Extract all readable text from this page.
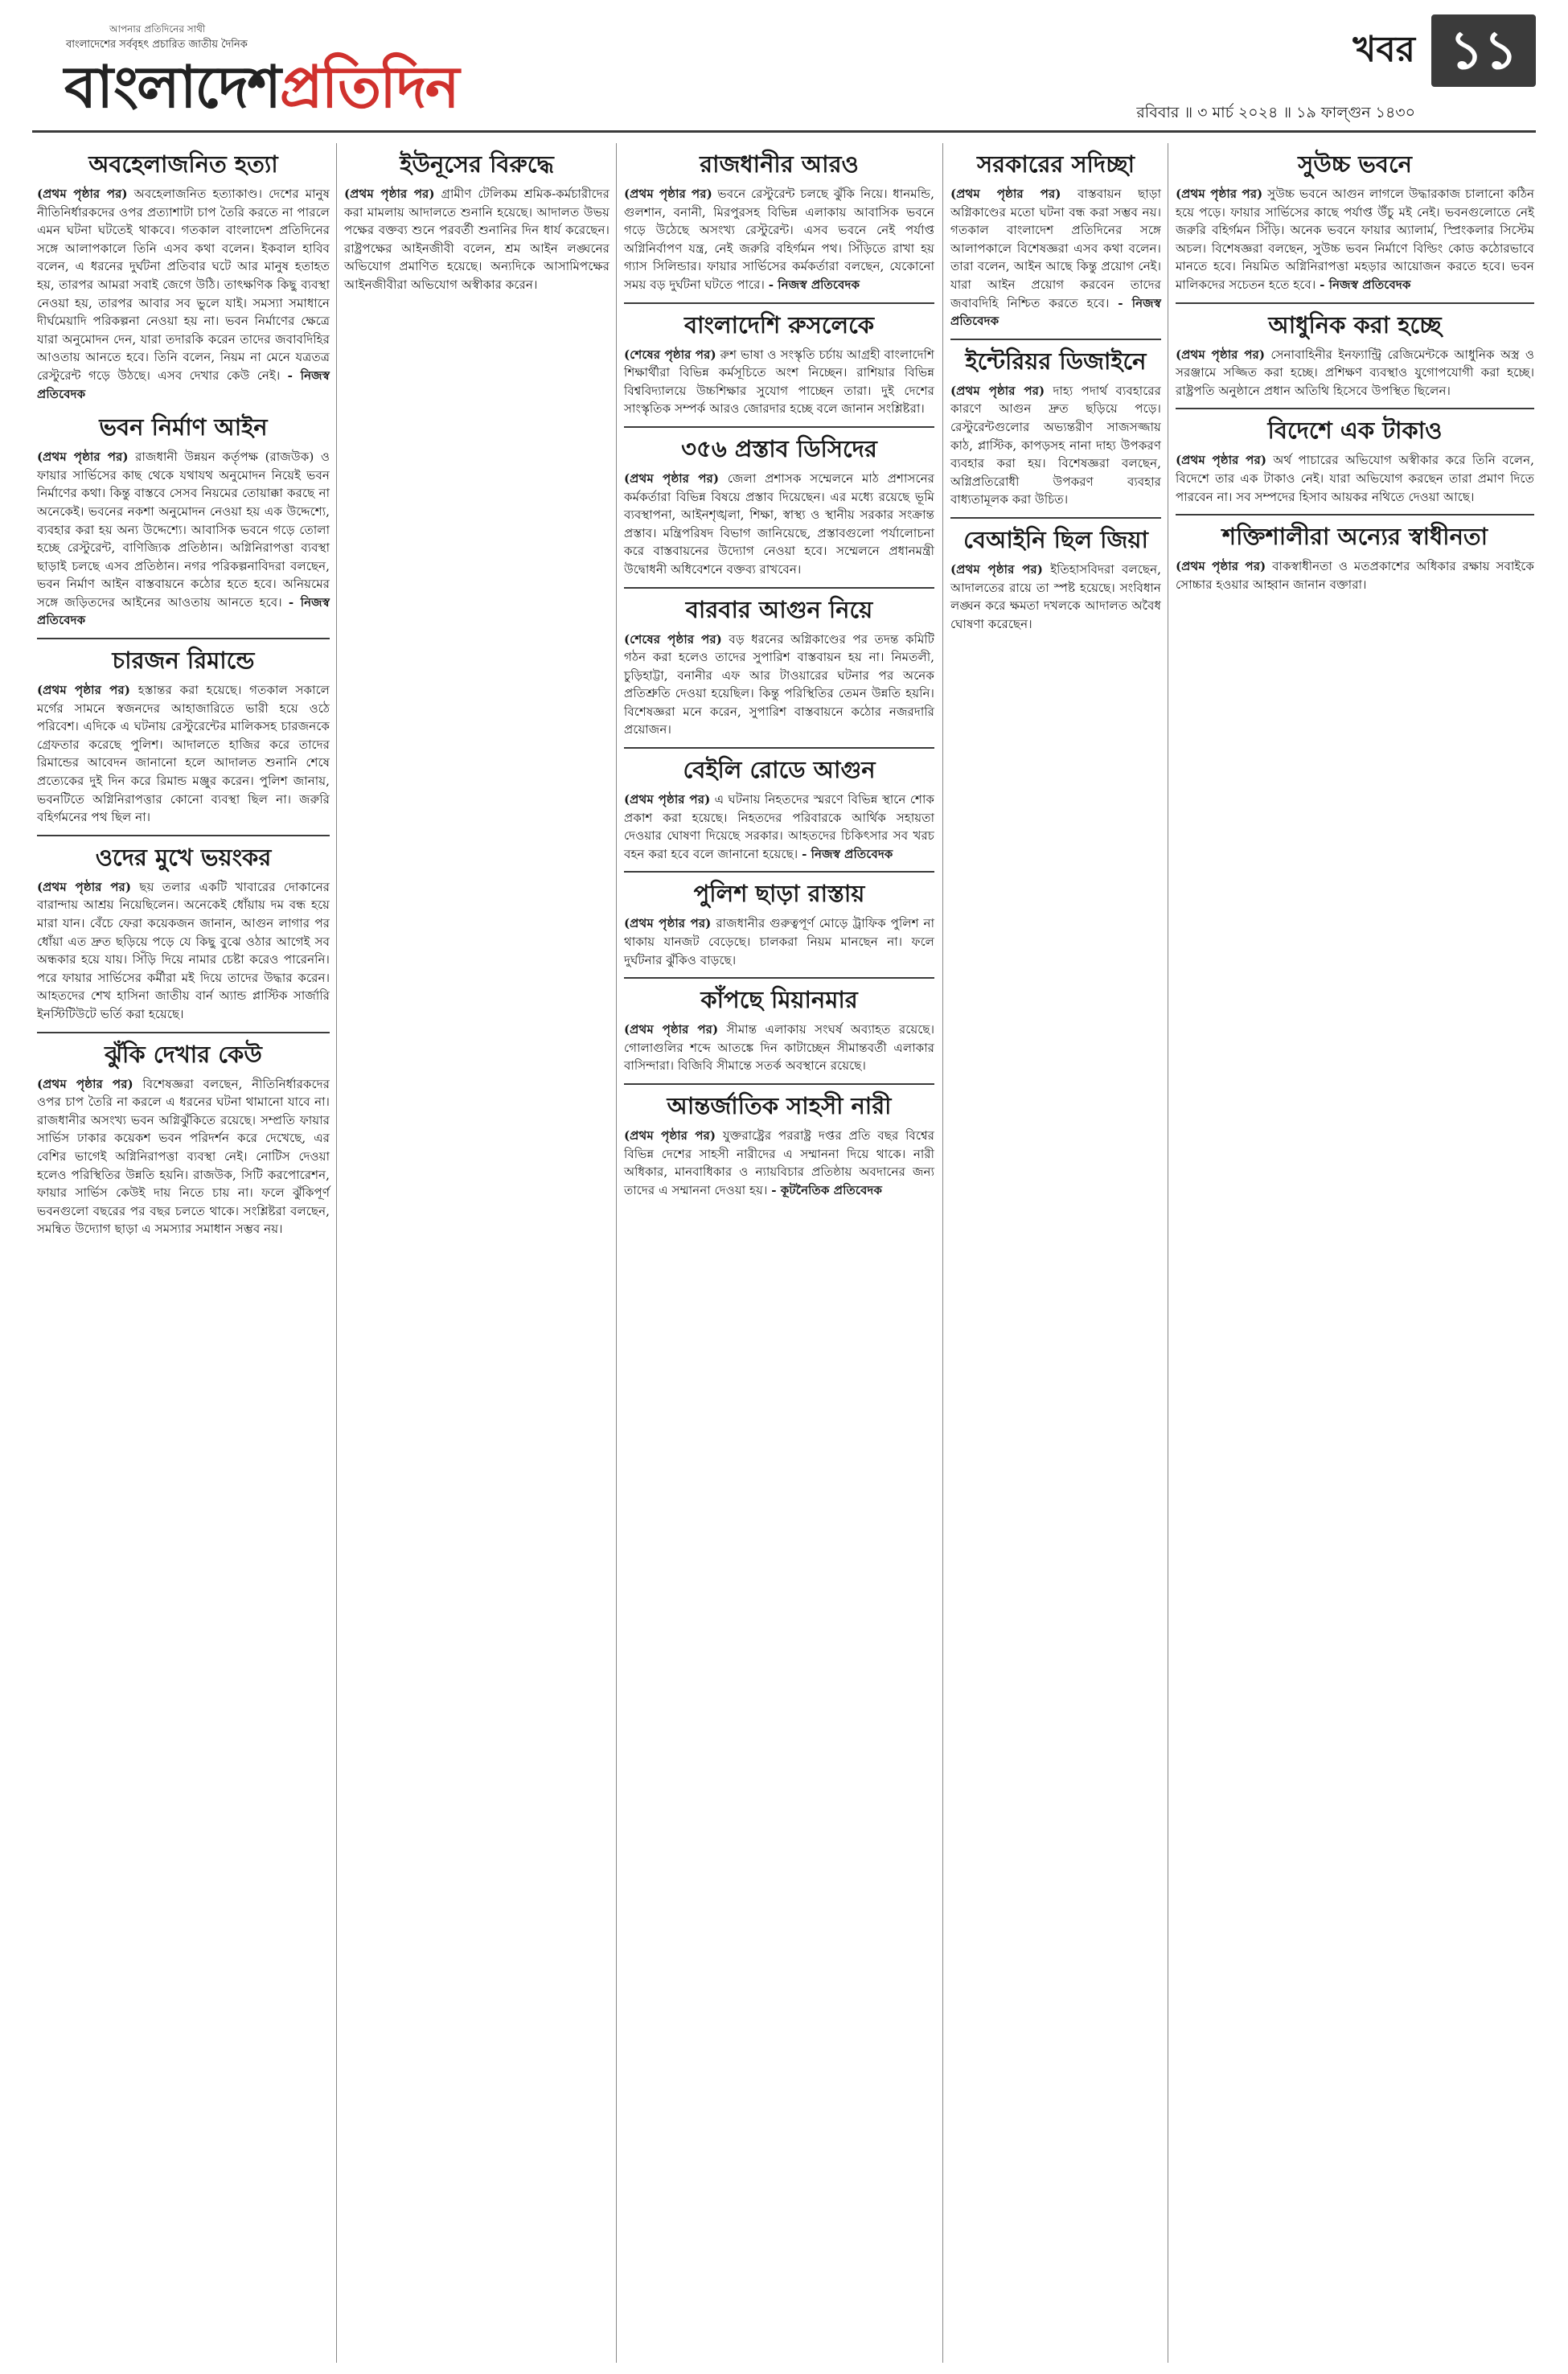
আপনার প্রতিদিনের সাথী
বাংলাদেশের সর্ববৃহৎ প্রচারিত জাতীয় দৈনিক
বাংলাদেশপ্রতিদিন
খবর ১১
রবিবার ॥ ৩ মার্চ ২০২৪ ॥ ১৯ ফাল্গুন ১৪৩০
অবহেলাজনিত হত্যা

(প্রথম পৃষ্ঠার পর) অবহেলাজনিত হত্যাকাণ্ড। দেশের মানুষ নীতিনির্ধারকদের ওপর প্রত্যাশাটা চাপ তৈরি করতে না পারলে এমন ঘটনা ঘটতেই থাকবে। গতকাল বাংলাদেশ প্রতিদিনের সঙ্গে আলাপকালে তিনি এসব কথা বলেন। ইকবাল হাবিব বলেন, এ ধরনের দুর্ঘটনা প্রতিবার ঘটে আর মানুষ হতাহত হয়, তারপর আমরা সবাই জেগে উঠি। তাৎক্ষণিক কিছু ব্যবস্থা নেওয়া হয়, তারপর আবার সব ভুলে যাই। সমস্যা সমাধানে দীর্ঘমেয়াদি পরিকল্পনা নেওয়া হয় না। ভবন নির্মাণের ক্ষেত্রে যারা অনুমোদন দেন, যারা তদারকি করেন তাদের জবাবদিহির আওতায় আনতে হবে। তিনি বলেন, নিয়ম না মেনে যত্রতত্র রেস্টুরেন্ট গড়ে উঠছে। এসব দেখার কেউ নেই। - নিজস্ব প্রতিবেদক

ভবন নির্মাণ আইন

(প্রথম পৃষ্ঠার পর) রাজধানী উন্নয়ন কর্তৃপক্ষ (রাজউক) ও ফায়ার সার্ভিসের কাছ থেকে যথাযথ অনুমোদন নিয়েই ভবন নির্মাণের কথা। কিন্তু বাস্তবে সেসব নিয়মের তোয়াক্কা করছে না অনেকেই। ভবনের নকশা অনুমোদন নেওয়া হয় এক উদ্দেশ্যে, ব্যবহার করা হয় অন্য উদ্দেশ্যে। আবাসিক ভবনে গড়ে তোলা হচ্ছে রেস্টুরেন্ট, বাণিজ্যিক প্রতিষ্ঠান। অগ্নিনিরাপত্তা ব্যবস্থা ছাড়াই চলছে এসব প্রতিষ্ঠান। নগর পরিকল্পনাবিদরা বলছেন, ভবন নির্মাণ আইন বাস্তবায়নে কঠোর হতে হবে। অনিয়মের সঙ্গে জড়িতদের আইনের আওতায় আনতে হবে। - নিজস্ব প্রতিবেদক

চারজন রিমান্ডে

(প্রথম পৃষ্ঠার পর) হস্তান্তর করা হয়েছে। গতকাল সকালে মর্গের সামনে স্বজনদের আহাজারিতে ভারী হয়ে ওঠে পরিবেশ। এদিকে এ ঘটনায় রেস্টুরেন্টের মালিকসহ চারজনকে গ্রেফতার করেছে পুলিশ। আদালতে হাজির করে তাদের রিমান্ডের আবেদন জানানো হলে আদালত শুনানি শেষে প্রত্যেকের দুই দিন করে রিমান্ড মঞ্জুর করেন। পুলিশ জানায়, ভবনটিতে অগ্নিনিরাপত্তার কোনো ব্যবস্থা ছিল না। জরুরি বহির্গমনের পথ ছিল না।

ওদের মুখে ভয়ংকর

(প্রথম পৃষ্ঠার পর) ছয় তলার একটি খাবারের দোকানের বারান্দায় আশ্রয় নিয়েছিলেন। অনেকেই ধোঁয়ায় দম বন্ধ হয়ে মারা যান। বেঁচে ফেরা কয়েকজন জানান, আগুন লাগার পর ধোঁয়া এত দ্রুত ছড়িয়ে পড়ে যে কিছু বুঝে ওঠার আগেই সব অন্ধকার হয়ে যায়। সিঁড়ি দিয়ে নামার চেষ্টা করেও পারেননি। পরে ফায়ার সার্ভিসের কর্মীরা মই দিয়ে তাদের উদ্ধার করেন। আহতদের শেখ হাসিনা জাতীয় বার্ন অ্যান্ড প্লাস্টিক সার্জারি ইনস্টিটিউটে ভর্তি করা হয়েছে।

ঝুঁকি দেখার কেউ

(প্রথম পৃষ্ঠার পর) বিশেষজ্ঞরা বলছেন, নীতিনির্ধারকদের ওপর চাপ তৈরি না করলে এ ধরনের ঘটনা থামানো যাবে না। রাজধানীর অসংখ্য ভবন অগ্নিঝুঁকিতে রয়েছে। সম্প্রতি ফায়ার সার্ভিস ঢাকার কয়েকশ ভবন পরিদর্শন করে দেখেছে, এর বেশির ভাগেই অগ্নিনিরাপত্তা ব্যবস্থা নেই। নোটিস দেওয়া হলেও পরিস্থিতির উন্নতি হয়নি। রাজউক, সিটি করপোরেশন, ফায়ার সার্ভিস কেউই দায় নিতে চায় না। ফলে ঝুঁকিপূর্ণ ভবনগুলো বছরের পর বছর চলতে থাকে। সংশ্লিষ্টরা বলছেন, সমন্বিত উদ্যোগ ছাড়া এ সমস্যার সমাধান সম্ভব নয়।

ইউনূসের বিরুদ্ধে

(প্রথম পৃষ্ঠার পর) গ্রামীণ টেলিকম শ্রমিক-কর্মচারীদের করা মামলায় আদালতে শুনানি হয়েছে। আদালত উভয় পক্ষের বক্তব্য শুনে পরবর্তী শুনানির দিন ধার্য করেছেন। রাষ্ট্রপক্ষের আইনজীবী বলেন, শ্রম আইন লঙ্ঘনের অভিযোগ প্রমাণিত হয়েছে। অন্যদিকে আসামিপক্ষের আইনজীবীরা অভিযোগ অস্বীকার করেন।

রাজধানীর আরও

(প্রথম পৃষ্ঠার পর) ভবনে রেস্টুরেন্ট চলছে ঝুঁকি নিয়ে। ধানমন্ডি, গুলশান, বনানী, মিরপুরসহ বিভিন্ন এলাকায় আবাসিক ভবনে গড়ে উঠেছে অসংখ্য রেস্টুরেন্ট। এসব ভবনে নেই পর্যাপ্ত অগ্নিনির্বাপণ যন্ত্র, নেই জরুরি বহির্গমন পথ। সিঁড়িতে রাখা হয় গ্যাস সিলিন্ডার। ফায়ার সার্ভিসের কর্মকর্তারা বলছেন, যেকোনো সময় বড় দুর্ঘটনা ঘটতে পারে। - নিজস্ব প্রতিবেদক

বাংলাদেশি রুসলেকে

(শেষের পৃষ্ঠার পর) রুশ ভাষা ও সংস্কৃতি চর্চায় আগ্রহী বাংলাদেশি শিক্ষার্থীরা বিভিন্ন কর্মসূচিতে অংশ নিচ্ছেন। রাশিয়ার বিভিন্ন বিশ্ববিদ্যালয়ে উচ্চশিক্ষার সুযোগ পাচ্ছেন তারা। দুই দেশের সাংস্কৃতিক সম্পর্ক আরও জোরদার হচ্ছে বলে জানান সংশ্লিষ্টরা।

৩৫৬ প্রস্তাব ডিসিদের

(প্রথম পৃষ্ঠার পর) জেলা প্রশাসক সম্মেলনে মাঠ প্রশাসনের কর্মকর্তারা বিভিন্ন বিষয়ে প্রস্তাব দিয়েছেন। এর মধ্যে রয়েছে ভূমি ব্যবস্থাপনা, আইনশৃঙ্খলা, শিক্ষা, স্বাস্থ্য ও স্থানীয় সরকার সংক্রান্ত প্রস্তাব। মন্ত্রিপরিষদ বিভাগ জানিয়েছে, প্রস্তাবগুলো পর্যালোচনা করে বাস্তবায়নের উদ্যোগ নেওয়া হবে। সম্মেলনে প্রধানমন্ত্রী উদ্বোধনী অধিবেশনে বক্তব্য রাখবেন।

বারবার আগুন নিয়ে

(শেষের পৃষ্ঠার পর) বড় ধরনের অগ্নিকাণ্ডের পর তদন্ত কমিটি গঠন করা হলেও তাদের সুপারিশ বাস্তবায়ন হয় না। নিমতলী, চুড়িহাট্টা, বনানীর এফ আর টাওয়ারের ঘটনার পর অনেক প্রতিশ্রুতি দেওয়া হয়েছিল। কিন্তু পরিস্থিতির তেমন উন্নতি হয়নি। বিশেষজ্ঞরা মনে করেন, সুপারিশ বাস্তবায়নে কঠোর নজরদারি প্রয়োজন।

বেইলি রোডে আগুন

(প্রথম পৃষ্ঠার পর) এ ঘটনায় নিহতদের স্মরণে বিভিন্ন স্থানে শোক প্রকাশ করা হয়েছে। নিহতদের পরিবারকে আর্থিক সহায়তা দেওয়ার ঘোষণা দিয়েছে সরকার। আহতদের চিকিৎসার সব খরচ বহন করা হবে বলে জানানো হয়েছে। - নিজস্ব প্রতিবেদক

পুলিশ ছাড়া রাস্তায়

(প্রথম পৃষ্ঠার পর) রাজধানীর গুরুত্বপূর্ণ মোড়ে ট্রাফিক পুলিশ না থাকায় যানজট বেড়েছে। চালকরা নিয়ম মানছেন না। ফলে দুর্ঘটনার ঝুঁকিও বাড়ছে।

কাঁপছে মিয়ানমার

(প্রথম পৃষ্ঠার পর) সীমান্ত এলাকায় সংঘর্ষ অব্যাহত রয়েছে। গোলাগুলির শব্দে আতঙ্কে দিন কাটাচ্ছেন সীমান্তবর্তী এলাকার বাসিন্দারা। বিজিবি সীমান্তে সতর্ক অবস্থানে রয়েছে।

আন্তর্জাতিক সাহসী নারী

(প্রথম পৃষ্ঠার পর) যুক্তরাষ্ট্রের পররাষ্ট্র দপ্তর প্রতি বছর বিশ্বের বিভিন্ন দেশের সাহসী নারীদের এ সম্মাননা দিয়ে থাকে। নারী অধিকার, মানবাধিকার ও ন্যায়বিচার প্রতিষ্ঠায় অবদানের জন্য তাদের এ সম্মাননা দেওয়া হয়। - কূটনৈতিক প্রতিবেদক

সরকারের সদিচ্ছা

(প্রথম পৃষ্ঠার পর) বাস্তবায়ন ছাড়া অগ্নিকাণ্ডের মতো ঘটনা বন্ধ করা সম্ভব নয়। গতকাল বাংলাদেশ প্রতিদিনের সঙ্গে আলাপকালে বিশেষজ্ঞরা এসব কথা বলেন। তারা বলেন, আইন আছে কিন্তু প্রয়োগ নেই। যারা আইন প্রয়োগ করবেন তাদের জবাবদিহি নিশ্চিত করতে হবে। - নিজস্ব প্রতিবেদক

ইন্টেরিয়র ডিজাইনে

(প্রথম পৃষ্ঠার পর) দাহ্য পদার্থ ব্যবহারের কারণে আগুন দ্রুত ছড়িয়ে পড়ে। রেস্টুরেন্টগুলোর অভ্যন্তরীণ সাজসজ্জায় কাঠ, প্লাস্টিক, কাপড়সহ নানা দাহ্য উপকরণ ব্যবহার করা হয়। বিশেষজ্ঞরা বলছেন, অগ্নিপ্রতিরোধী উপকরণ ব্যবহার বাধ্যতামূলক করা উচিত।

বেআইনি ছিল জিয়া

(প্রথম পৃষ্ঠার পর) ইতিহাসবিদরা বলছেন, আদালতের রায়ে তা স্পষ্ট হয়েছে। সংবিধান লঙ্ঘন করে ক্ষমতা দখলকে আদালত অবৈধ ঘোষণা করেছেন।

সুউচ্চ ভবনে

(প্রথম পৃষ্ঠার পর) সুউচ্চ ভবনে আগুন লাগলে উদ্ধারকাজ চালানো কঠিন হয়ে পড়ে। ফায়ার সার্ভিসের কাছে পর্যাপ্ত উঁচু মই নেই। ভবনগুলোতে নেই জরুরি বহির্গমন সিঁড়ি। অনেক ভবনে ফায়ার অ্যালার্ম, স্প্রিংকলার সিস্টেম অচল। বিশেষজ্ঞরা বলছেন, সুউচ্চ ভবন নির্মাণে বিল্ডিং কোড কঠোরভাবে মানতে হবে। নিয়মিত অগ্নিনিরাপত্তা মহড়ার আয়োজন করতে হবে। ভবন মালিকদের সচেতন হতে হবে। - নিজস্ব প্রতিবেদক

আধুনিক করা হচ্ছে

(প্রথম পৃষ্ঠার পর) সেনাবাহিনীর ইনফ্যান্ট্রি রেজিমেন্টকে আধুনিক অস্ত্র ও সরঞ্জামে সজ্জিত করা হচ্ছে। প্রশিক্ষণ ব্যবস্থাও যুগোপযোগী করা হচ্ছে। রাষ্ট্রপতি অনুষ্ঠানে প্রধান অতিথি হিসেবে উপস্থিত ছিলেন।

বিদেশে এক টাকাও

(প্রথম পৃষ্ঠার পর) অর্থ পাচারের অভিযোগ অস্বীকার করে তিনি বলেন, বিদেশে তার এক টাকাও নেই। যারা অভিযোগ করছেন তারা প্রমাণ দিতে পারবেন না। সব সম্পদের হিসাব আয়কর নথিতে দেওয়া আছে।

শক্তিশালীরা অন্যের স্বাধীনতা

(প্রথম পৃষ্ঠার পর) বাকস্বাধীনতা ও মতপ্রকাশের অধিকার রক্ষায় সবাইকে সোচ্চার হওয়ার আহ্বান জানান বক্তারা।
